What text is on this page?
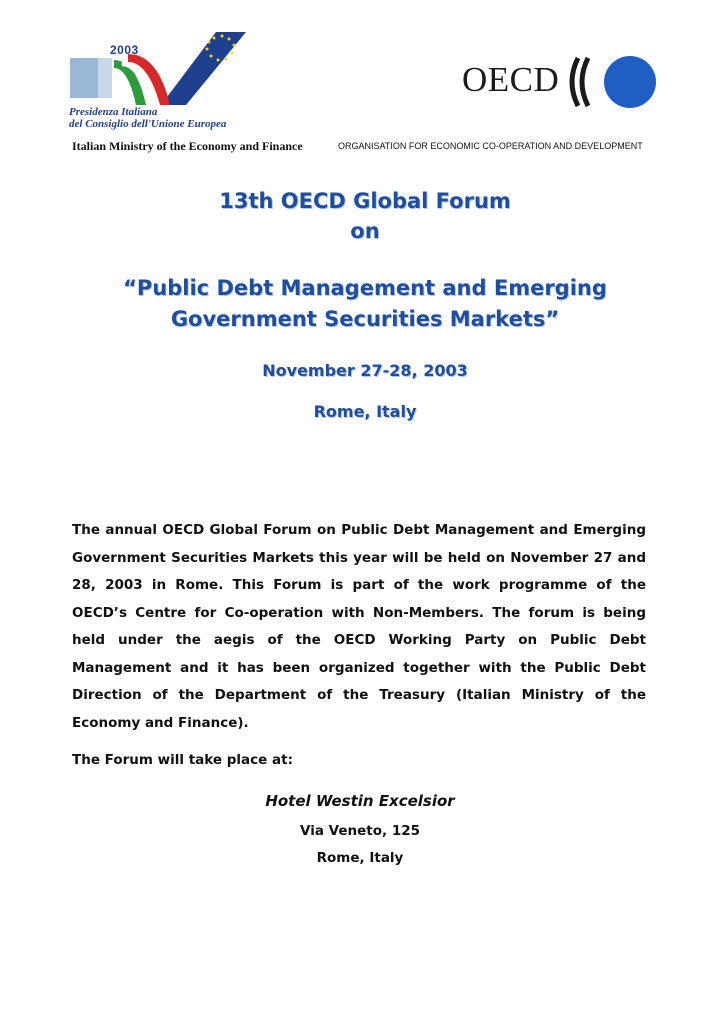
2003
Presidenza Italiana
del Consiglio dell'Unione Europea
OECD
Italian Ministry of the Economy and Finance	ORGANISATION FOR ECONOMIC CO-OPERATION AND DEVELOPMENT
13th OECD Global Forum
on
“Public Debt Management and Emerging
Government Securities Markets”
November 27-28, 2003
Rome, Italy
The annual OECD Global Forum on Public Debt Management and Emerging Government Securities Markets this year will be held on November 27 and 28, 2003 in Rome. This Forum is part of the work programme of the OECD’s Centre for Co-operation with Non-Members. The forum is being held under the aegis of the OECD Working Party on Public Debt Management and it has been organized together with the Public Debt Direction of the Department of the Treasury (Italian Ministry of the Economy and Finance).
The Forum will take place at:
Hotel Westin Excelsior
Via Veneto, 125
Rome, Italy
